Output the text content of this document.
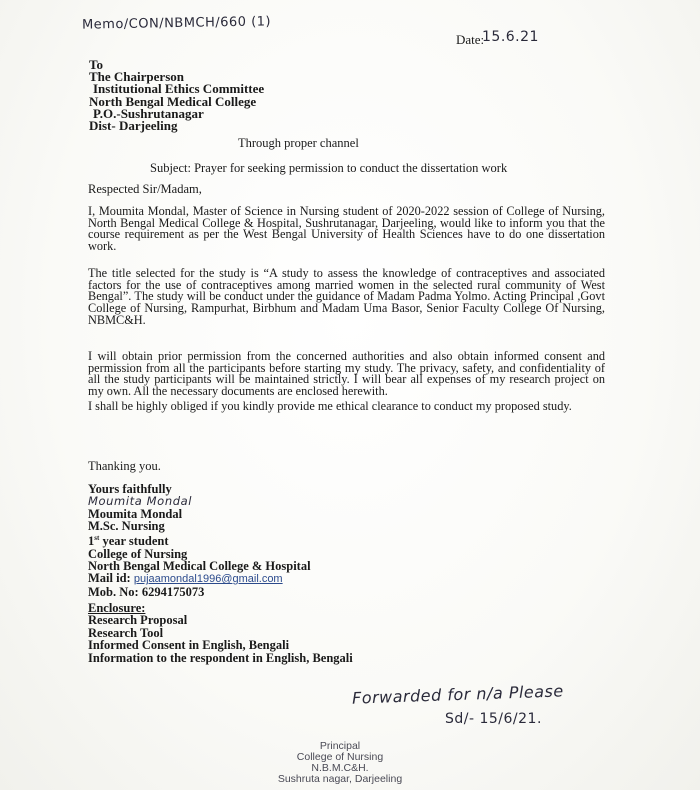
Memo/CON/NBMCH/660 (1)
Date:
15.6.21
To
The Chairperson
Institutional Ethics Committee
North Bengal Medical College
P.O.-Sushrutanagar
Dist- Darjeeling
Through proper channel
Subject: Prayer for seeking permission to conduct the dissertation work
Respected Sir/Madam,
I, Moumita Mondal, Master of Science in Nursing student of 2020-2022 session of College of Nursing, North Bengal Medical College & Hospital, Sushrutanagar, Darjeeling, would like to inform you that the course requirement as per the West Bengal University of Health Sciences have to do one dissertation work.
The title selected for the study is “A study to assess the knowledge of contraceptives and associated factors for the use of contraceptives among married women in the selected rural community of West Bengal”. The study will be conduct under the guidance of Madam Padma Yolmo. Acting Principal ,Govt College of Nursing, Rampurhat, Birbhum and Madam Uma Basor, Senior Faculty College Of Nursing, NBMC&H.
I will obtain prior permission from the concerned authorities and also obtain informed consent and permission from all the participants before starting my study. The privacy, safety, and confidentiality of all the study participants will be maintained strictly. I will bear all expenses of my research project on my own. All the necessary documents are enclosed herewith.
I shall be highly obliged if you kindly provide me ethical clearance to conduct my proposed study.
Thanking you.
Yours faithfully
Moumita Mondal
Moumita Mondal
M.Sc. Nursing
1st year student
College of Nursing
North Bengal Medical College & Hospital
Mail id: pujaamondal1996@gmail.com
Mob. No: 6294175073
Enclosure:
Research Proposal
Research Tool
Informed Consent in English, Bengali
Information to the respondent in English, Bengali
Forwarded for n/a Please
Sd/- 15/6/21.
Principal
College of Nursing
N.B.M.C&H.
Sushruta nagar, Darjeeling
